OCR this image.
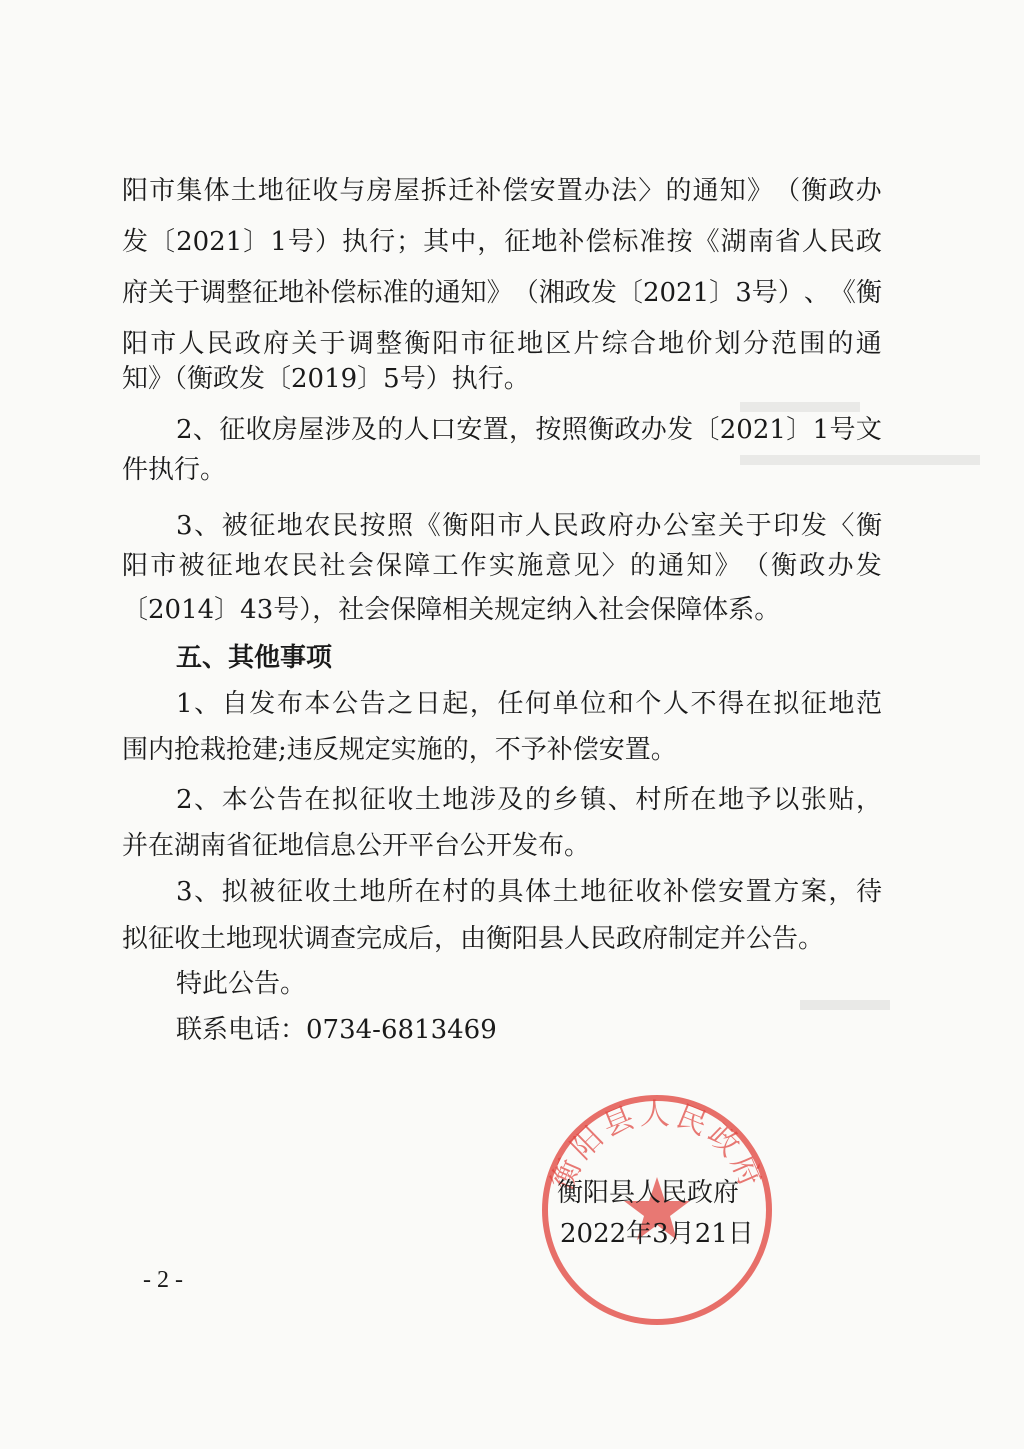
阳 市 集 体 土 地 征 收 与 房 屋 拆 迁 补 偿 安 置 办 法 〉 的 通 知 》 （ 衡 政 办
发 〔 2021 〕 1 号 ） 执 行 ； 其 中 ， 征 地 补 偿 标 准 按 《 湖 南 省 人 民 政
府 关 于 调 整 征 地 补 偿 标 准 的 通 知 》 （ 湘 政 发 〔 2021 〕 3 号 ） 、 《 衡
阳 市 人 民 政 府 关 于 调 整 衡 阳 市 征 地 区 片 综 合 地 价 划 分 范 围 的 通
知》（衡政发〔2019〕5号）执行。
2 、 征 收 房 屋 涉 及 的 人 口 安 置 ， 按 照 衡 政 办 发 〔 2021 〕 1 号 文
件执行。
3 、 被 征 地 农 民 按 照 《 衡 阳 市 人 民 政 府 办 公 室 关 于 印 发 〈 衡
阳 市 被 征 地 农 民 社 会 保 障 工 作 实 施 意 见 〉 的 通 知 》 （ 衡 政 办 发
〔2014〕43号），社会保障相关规定纳入社会保障体系。
五、其他事项
1 、 自 发 布 本 公 告 之 日 起 ， 任 何 单 位 和 个 人 不 得 在 拟 征 地 范
围内抢栽抢建;违反规定实施的，不予补偿安置。
2 、 本 公 告 在 拟 征 收 土 地 涉 及 的 乡 镇 、 村 所 在 地 予 以 张 贴 ，
并在湖南省征地信息公开平台公开发布。
3 、 拟 被 征 收 土 地 所 在 村 的 具 体 土 地 征 收 补 偿 安 置 方 案 ， 待
拟征收土地现状调查完成后，由衡阳县人民政府制定并公告。
特此公告。
联系电话：0734-6813469
衡阳县人民政府
衡阳县人民政府
2022年3月21日
- 2 -
